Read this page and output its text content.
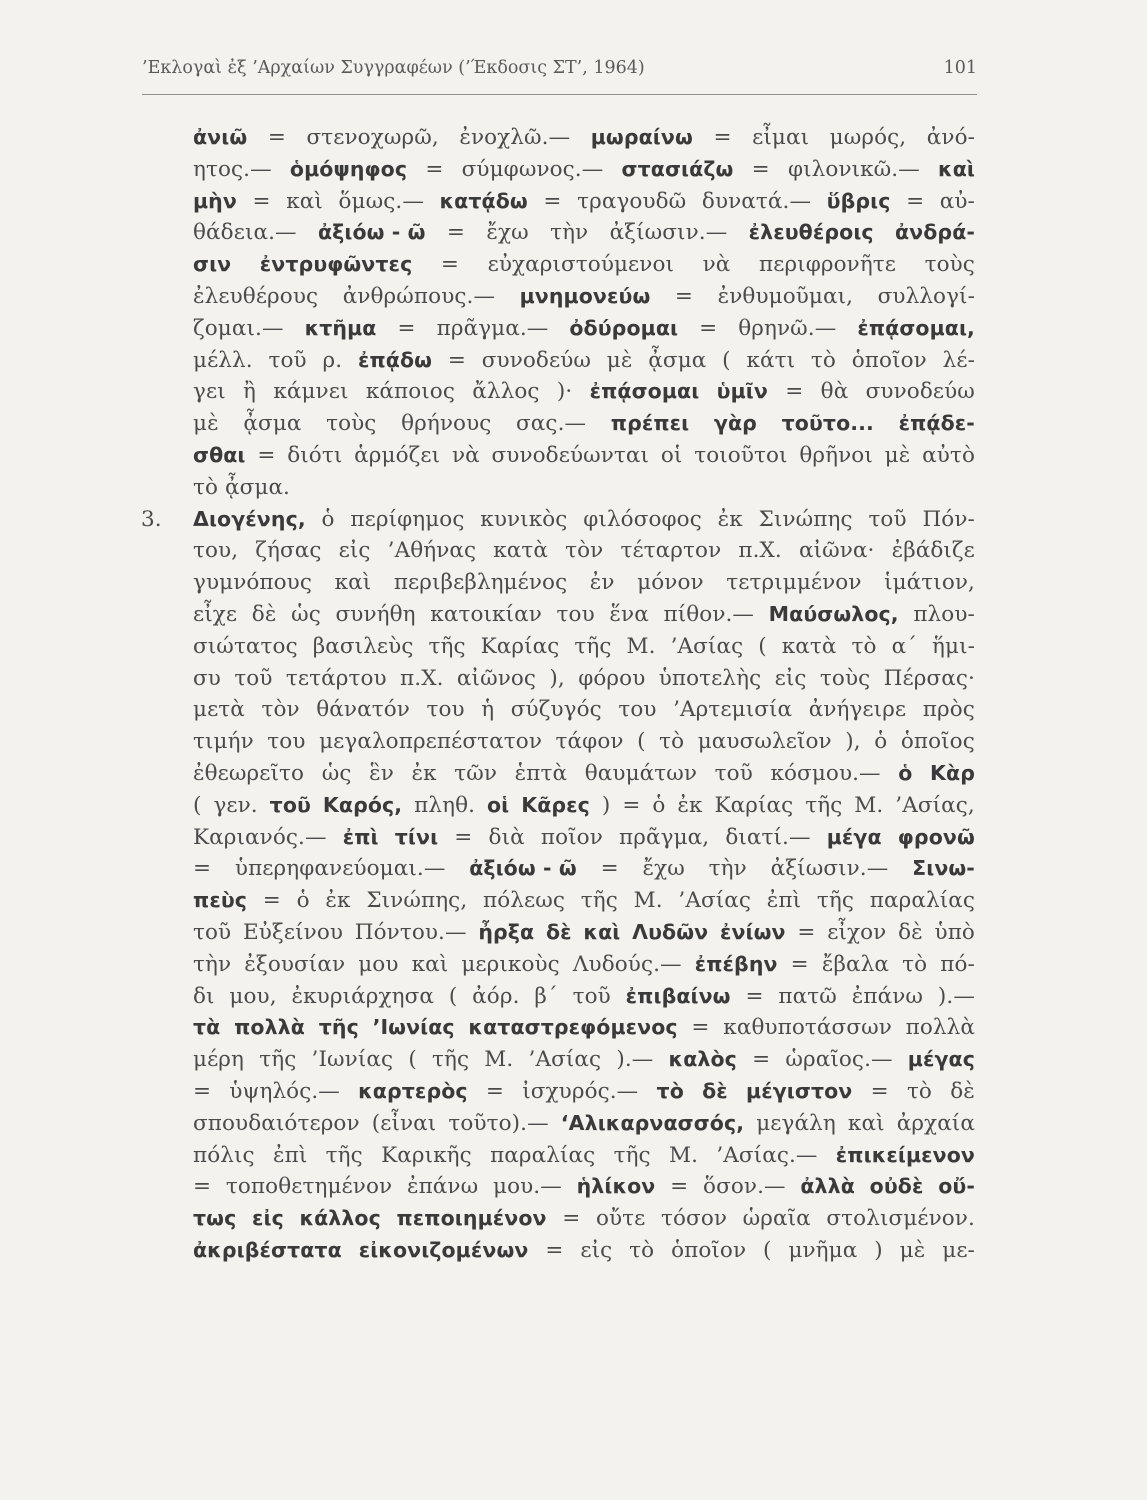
’Εκλογαὶ ἐξ ’Αρχαίων Συγγραφέων (’Έκδοσις ΣΤ’, 1964)	101
ἀνιῶ = στενοχωρῶ, ἐνοχλῶ.— μωραίνω = εἶμαι μωρός, ἀνό-
ητος.— ὁμόψηφος = σύμφωνος.— στασιάζω = φιλονικῶ.— καὶ
μὴν = καὶ ὅμως.— κατᾴδω = τραγουδῶ δυνατά.— ὕβρις = αὐ-
θάδεια.— ἀξιόω - ῶ = ἔχω τὴν ἀξίωσιν.— ἐλευθέροις ἀνδρά-
σιν ἐντρυφῶντες = εὐχαριστούμενοι νὰ περιφρονῆτε τοὺς
ἐλευθέρους ἀνθρώπους.— μνημονεύω = ἐνθυμοῦμαι, συλλογί-
ζομαι.— κτῆμα = πρᾶγμα.— ὀδύρομαι = θρηνῶ.— ἐπᾴσομαι,
μέλλ. τοῦ ρ. ἐπᾴδω = συνοδεύω μὲ ᾆσμα ( κάτι τὸ ὁποῖον λέ-
γει ἢ κάμνει κάποιος ἄλλος )· ἐπᾴσομαι ὑμῖν = θὰ συνοδεύω
μὲ ᾆσμα τοὺς θρήνους σας.— πρέπει γὰρ τοῦτο... ἐπᾴδε-
σθαι = διότι ἁρμόζει νὰ συνοδεύωνται οἱ τοιοῦτοι θρῆνοι μὲ αὐτὸ
τὸ ᾆσμα.
3. Διογένης, ὁ περίφημος κυνικὸς φιλόσοφος ἐκ Σινώπης τοῦ Πόν-
του, ζήσας εἰς ’Αθήνας κατὰ τὸν τέταρτον π.Χ. αἰῶνα· ἐβάδιζε
γυμνόπους καὶ περιβεβλημένος ἐν μόνον τετριμμένον ἱμάτιον,
εἶχε δὲ ὡς συνήθη κατοικίαν του ἕνα πίθον.— Μαύσωλος, πλου-
σιώτατος βασιλεὺς τῆς Καρίας τῆς Μ. ’Ασίας ( κατὰ τὸ α΄ ἥμι-
συ τοῦ τετάρτου π.Χ. αἰῶνος ), φόρου ὑποτελὴς εἰς τοὺς Πέρσας·
μετὰ τὸν θάνατόν του ἡ σύζυγός του ’Αρτεμισία ἀνήγειρε πρὸς
τιμήν του μεγαλοπρεπέστατον τάφον ( τὸ μαυσωλεῖον ), ὁ ὁποῖος
ἐθεωρεῖτο ὡς ἓν ἐκ τῶν ἑπτὰ θαυμάτων τοῦ κόσμου.— ὁ Κὰρ
( γεν. τοῦ Καρός, πληθ. οἱ Κᾶρες ) = ὁ ἐκ Καρίας τῆς Μ. ’Ασίας,
Καριανός.— ἐπὶ τίνι = διὰ ποῖον πρᾶγμα, διατί.— μέγα φρονῶ
= ὑπερηφανεύομαι.— ἀξιόω - ῶ = ἔχω τὴν ἀξίωσιν.— Σινω-
πεὺς = ὁ ἐκ Σινώπης, πόλεως τῆς Μ. ’Ασίας ἐπὶ τῆς παραλίας
τοῦ Εὐξείνου Πόντου.— ἦρξα δὲ καὶ Λυδῶν ἐνίων = εἶχον δὲ ὑπὸ
τὴν ἐξουσίαν μου καὶ μερικοὺς Λυδούς.— ἐπέβην = ἔβαλα τὸ πό-
δι μου, ἐκυριάρχησα ( ἀόρ. β΄ τοῦ ἐπιβαίνω = πατῶ ἐπάνω ).—
τὰ πολλὰ τῆς ’Ιωνίας καταστρεφόμενος = καθυποτάσσων πολλὰ
μέρη τῆς ’Ιωνίας ( τῆς Μ. ’Ασίας ).— καλὸς = ὡραῖος.— μέγας
= ὑψηλός.— καρτερὸς = ἰσχυρός.— τὸ δὲ μέγιστον = τὸ δὲ
σπουδαιότερον (εἶναι τοῦτο).— ‘Αλικαρνασσός, μεγάλη καὶ ἀρχαία
πόλις ἐπὶ τῆς Καρικῆς παραλίας τῆς Μ. ’Ασίας.— ἐπικείμενον
= τοποθετημένον ἐπάνω μου.— ἡλίκον = ὅσον.— ἀλλὰ οὐδὲ οὔ-
τως εἰς κάλλος πεποιημένον = οὔτε τόσον ὡραῖα στολισμένον.
ἀκριβέστατα εἰκονιζομένων = εἰς τὸ ὁποῖον ( μνῆμα ) μὲ με-
